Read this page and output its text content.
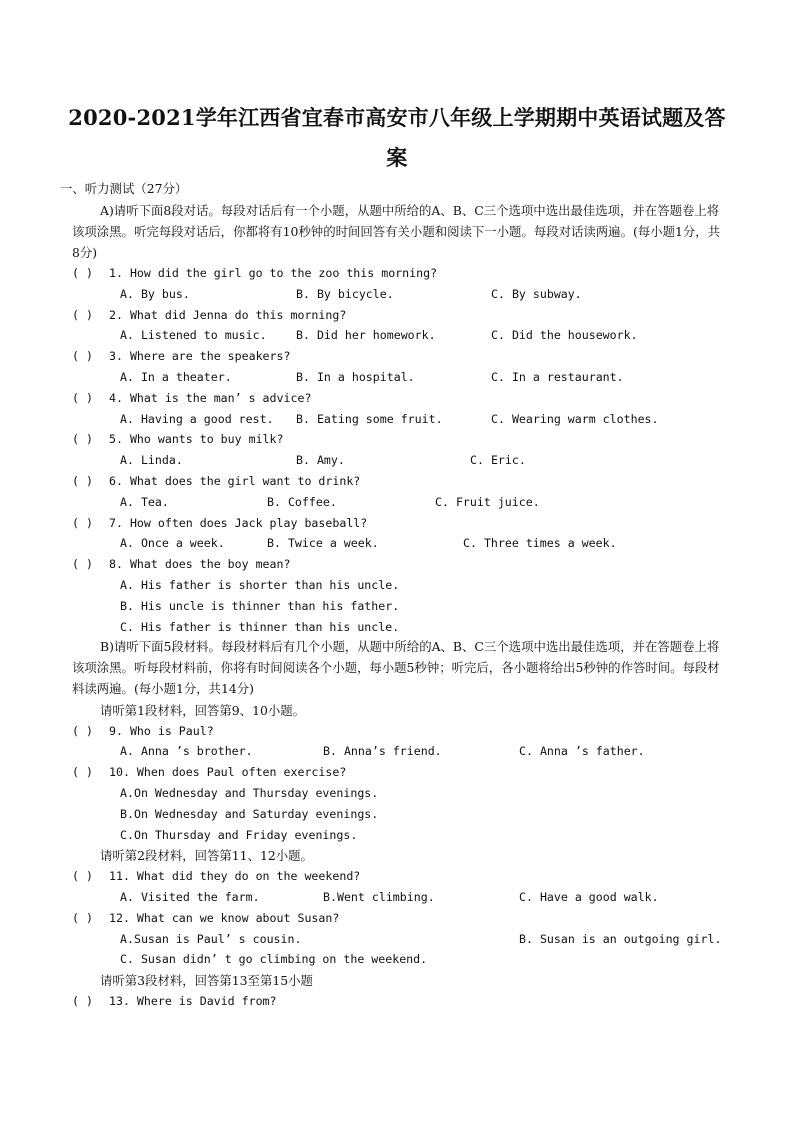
2020-2021学年江西省宜春市高安市八年级上学期期中英语试题及答
案
一、听力测试（27分）
A)请听下面8段对话。每段对话后有一个小题，从题中所给的A、B、C三个选项中选出最佳选项，并在答题卷上将该项涂黑。听完每段对话后，你都将有10秒钟的时间回答有关小题和阅读下一小题。每段对话读两遍。(每小题1分，共8分)
( ) 1. How did the girl go to the zoo this morning?
A. By bus.	B. By bicycle.	C. By subway.
( ) 2. What did Jenna do this morning?
A. Listened to music.	B. Did her homework.	C. Did the housework.
( ) 3. Where are the speakers?
A. In a theater.	B. In a hospital.	C. In a restaurant.
( ) 4. What is the man’ s advice?
A. Having a good rest. B. Eating some fruit.	C. Wearing warm clothes.
( ) 5. Who wants to buy milk?
A. Linda.	B. Amy.	C. Eric.
( ) 6. What does the girl want to drink?
A. Tea.	B. Coffee.	C. Fruit juice.
( ) 7. How often does Jack play baseball?
A. Once a week.	B. Twice a week.	C. Three times a week.
( ) 8. What does the boy mean?
A. His father is shorter than his uncle.
B. His uncle is thinner than his father.
C. His father is thinner than his uncle.
B)请听下面5段材料。每段材料后有几个小题，从题中所给的A、B、C三个选项中选出最佳选项，并在答题卷上将该项涂黑。听每段材料前，你将有时间阅读各个小题，每小题5秒钟；听完后，各小题将给出5秒钟的作答时间。每段材料读两遍。(每小题1分，共14分)
请听第1段材料，回答第9、10小题。
( ) 9. Who is Paul?
A. Anna ’s brother.	B. Anna’s friend.	C. Anna ’s father.
( ) 10. When does Paul often exercise?
A.On Wednesday and Thursday evenings.
B.On Wednesday and Saturday evenings.
C.On Thursday and Friday evenings.
请听第2段材料，回答第11、12小题。
( ) 11. What did they do on the weekend?
A. Visited the farm.	B.Went climbing.	C. Have a good walk.
( ) 12. What can we know about Susan?
A.Susan is Paul’ s cousin.	B. Susan is an outgoing girl.
C. Susan didn’ t go climbing on the weekend.
请听第3段材料，回答第13至第15小题
( ) 13. Where is David from?
